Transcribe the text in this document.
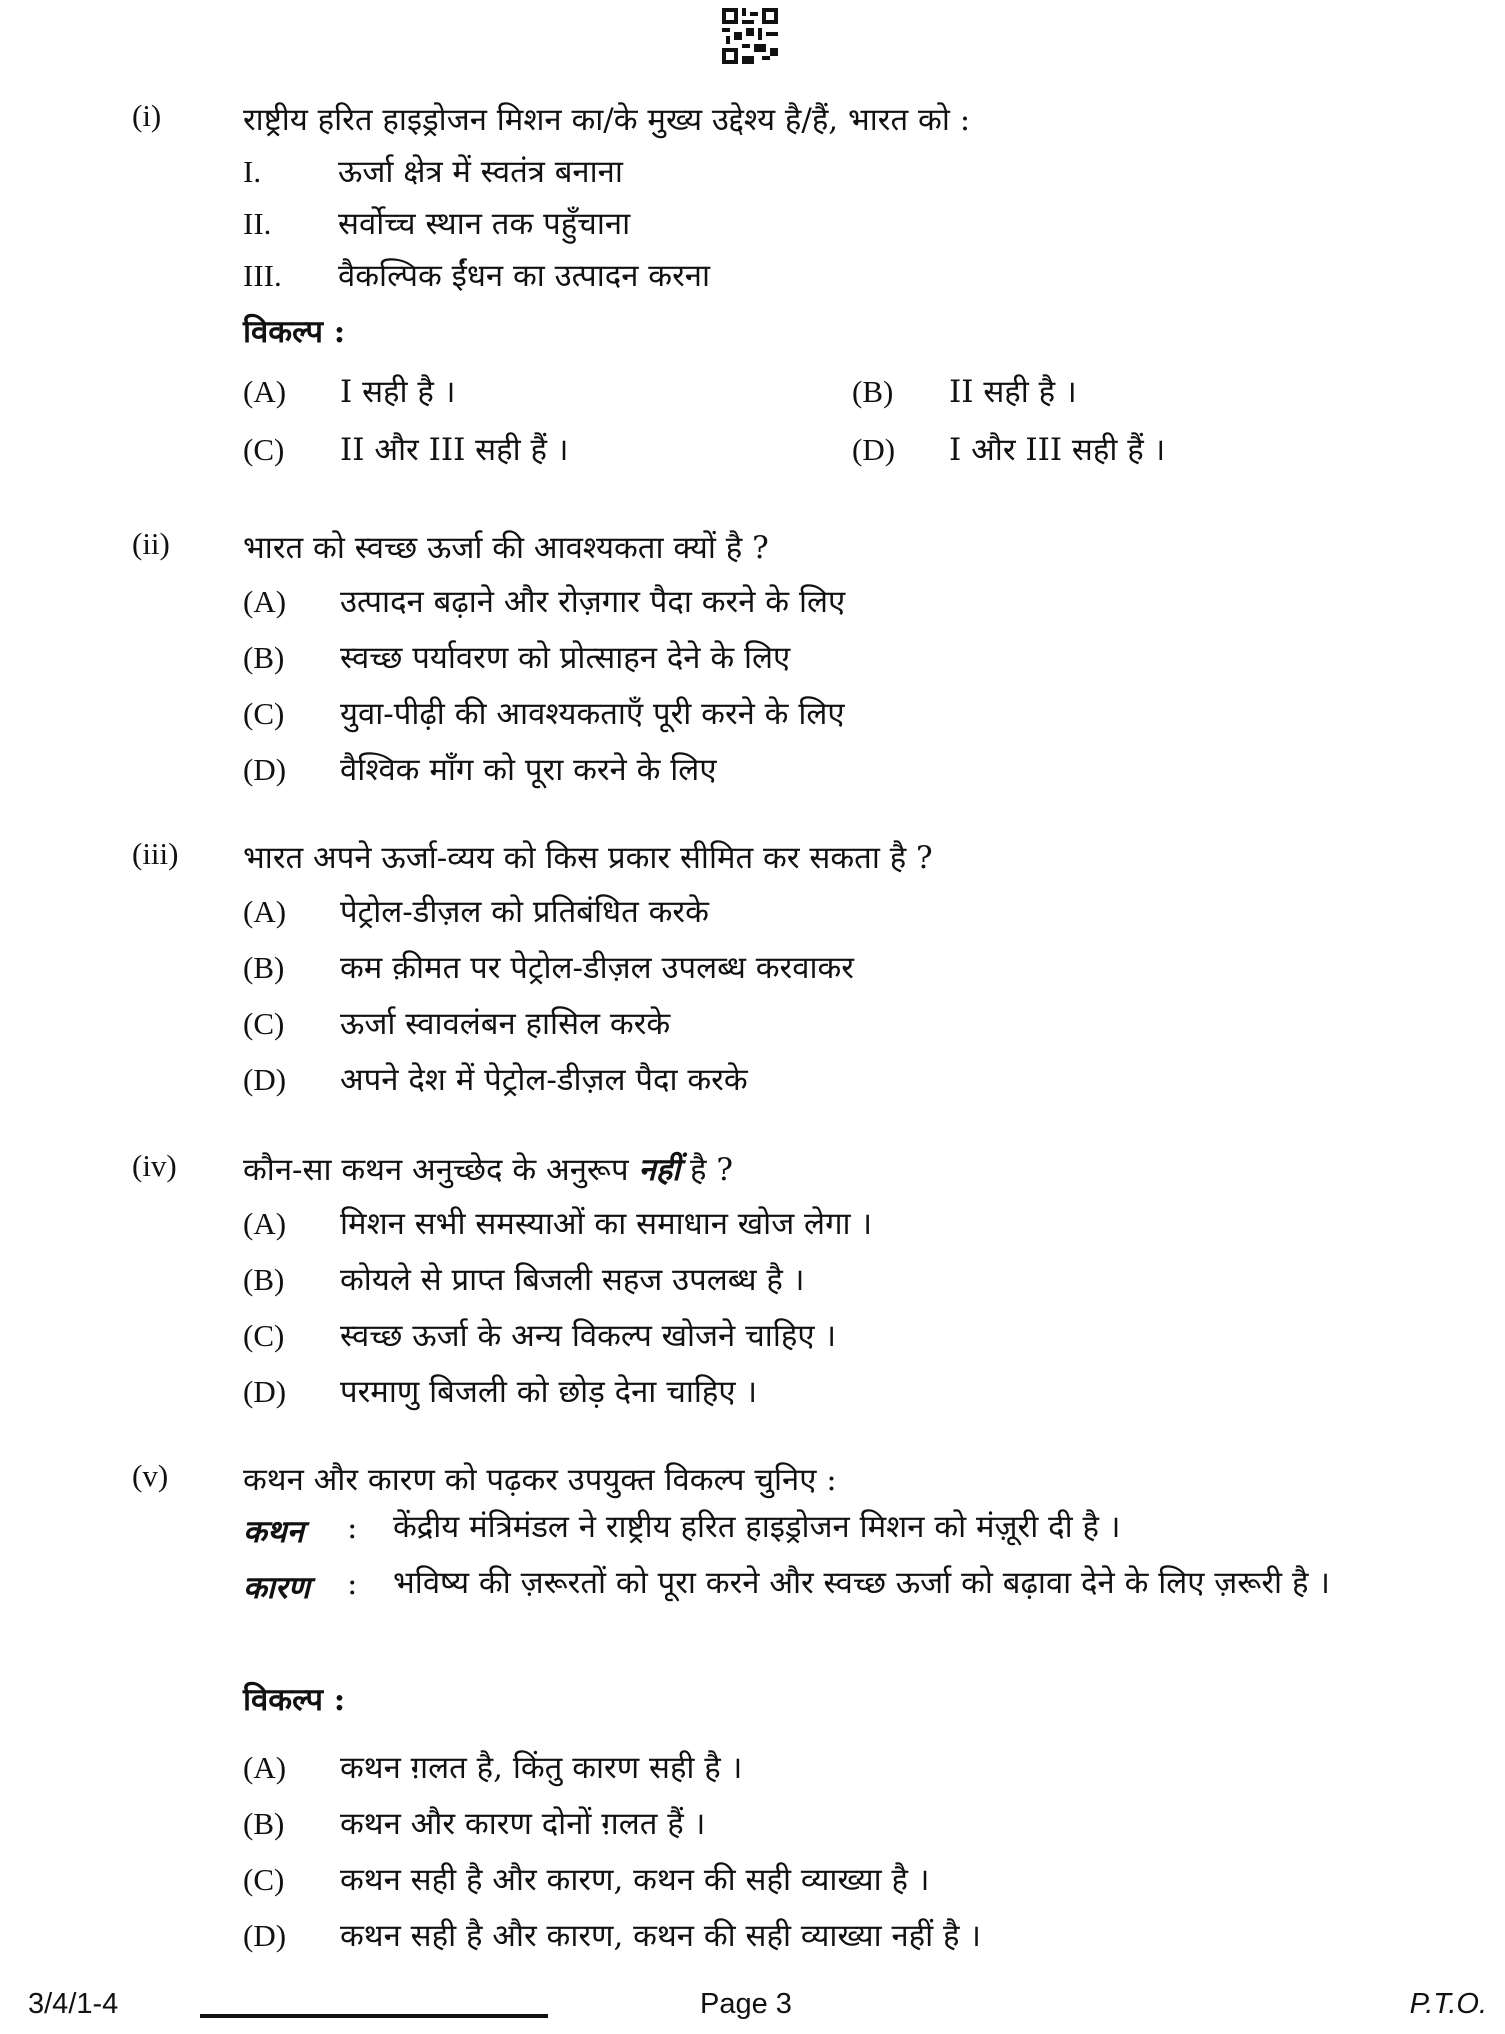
(i)	राष्ट्रीय हरित हाइड्रोजन मिशन का/के मुख्य उद्देश्य है/हैं, भारत को :
I. ऊर्जा क्षेत्र में स्वतंत्र बनाना
II. सर्वोच्च स्थान तक पहुँचाना
III. वैकल्पिक ईंधन का उत्पादन करना
विकल्प :
(A) I सही है ।	(B) II सही है ।
(C) II और III सही हैं ।	(D) I और III सही हैं ।
(ii) भारत को स्वच्छ ऊर्जा की आवश्यकता क्यों है ?
(A) उत्पादन बढ़ाने और रोज़गार पैदा करने के लिए
(B) स्वच्छ पर्यावरण को प्रोत्साहन देने के लिए
(C) युवा-पीढ़ी की आवश्यकताएँ पूरी करने के लिए
(D) वैश्विक माँग को पूरा करने के लिए
(iii) भारत अपने ऊर्जा-व्यय को किस प्रकार सीमित कर सकता है ?
(A) पेट्रोल-डीज़ल को प्रतिबंधित करके
(B) कम क़ीमत पर पेट्रोल-डीज़ल उपलब्ध करवाकर
(C) ऊर्जा स्वावलंबन हासिल करके
(D) अपने देश में पेट्रोल-डीज़ल पैदा करके
(iv) कौन-सा कथन अनुच्छेद के अनुरूप नहीं है ?
(A) मिशन सभी समस्याओं का समाधान खोज लेगा ।
(B) कोयले से प्राप्त बिजली सहज उपलब्ध है ।
(C) स्वच्छ ऊर्जा के अन्य विकल्प खोजने चाहिए ।
(D) परमाणु बिजली को छोड़ देना चाहिए ।
(v) कथन और कारण को पढ़कर उपयुक्त विकल्प चुनिए :
कथन : केंद्रीय मंत्रिमंडल ने राष्ट्रीय हरित हाइड्रोजन मिशन को मंज़ूरी दी है ।
कारण : भविष्य की ज़रूरतों को पूरा करने और स्वच्छ ऊर्जा को बढ़ावा देने के लिए ज़रूरी है ।
विकल्प :
(A) कथन ग़लत है, किंतु कारण सही है ।
(B) कथन और कारण दोनों ग़लत हैं ।
(C) कथन सही है और कारण, कथन की सही व्याख्या है ।
(D) कथन सही है और कारण, कथन की सही व्याख्या नहीं है ।
3/4/1-4	Page 3	P.T.O.
